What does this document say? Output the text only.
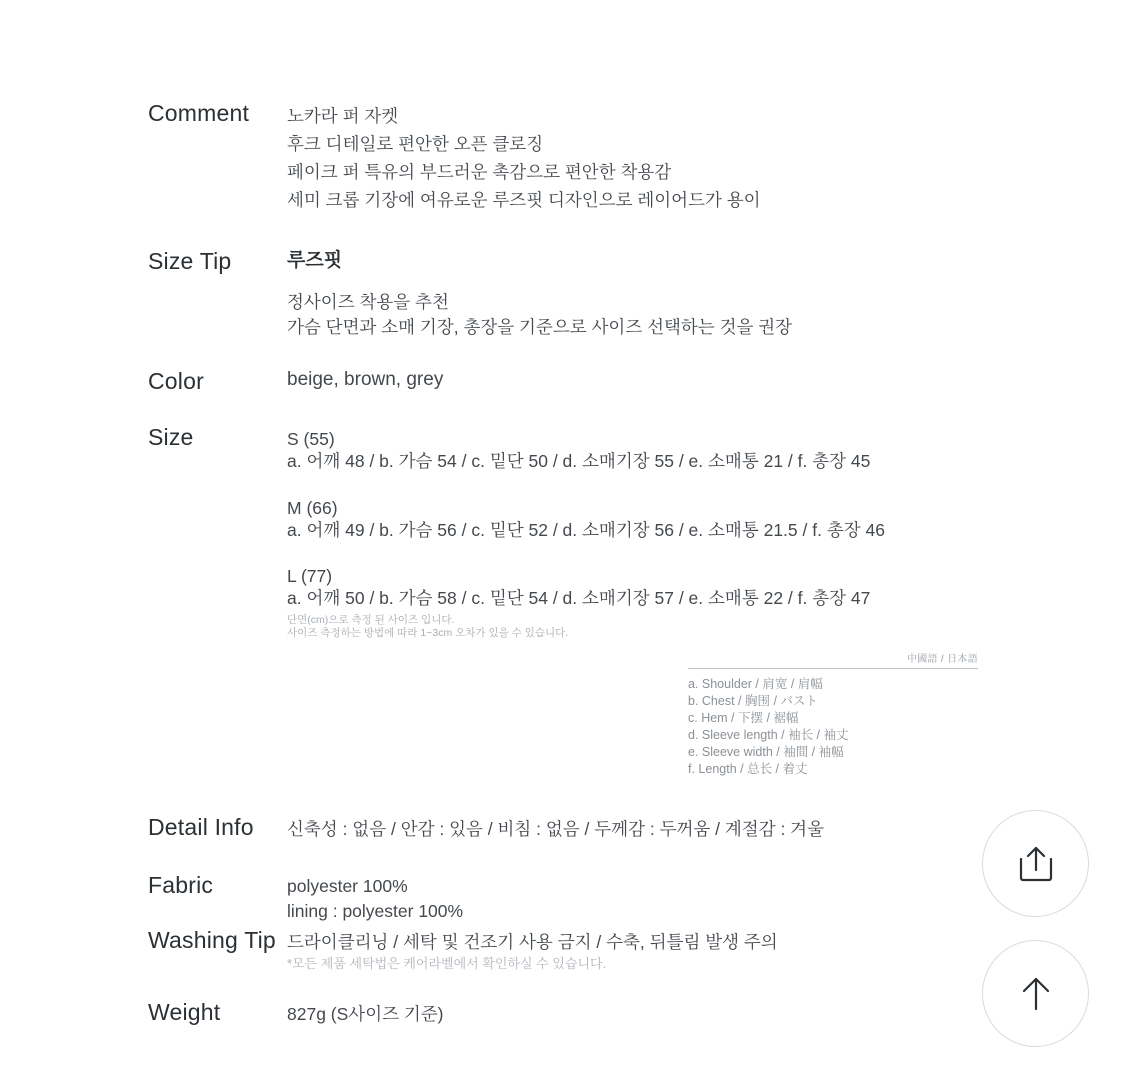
Comment 노카라 퍼 자켓
후크 디테일로 편안한 오픈 클로징
페이크 퍼 특유의 부드러운 촉감으로 편안한 착용감
세미 크롭 기장에 여유로운 루즈핏 디자인으로 레이어드가 용이
Size Tip	루즈핏
정사이즈 착용을 추천
가슴 단면과 소매 기장, 총장을 기준으로 사이즈 선택하는 것을 권장
Color	beige, brown, grey
Size	S (55)
a. 어깨 48 / b. 가슴 54 / c. 밑단 50 / d. 소매기장 55 / e. 소매통 21 / f. 총장 45
M (66)
a. 어깨 49 / b. 가슴 56 / c. 밑단 52 / d. 소매기장 56 / e. 소매통 21.5 / f. 총장 46
L (77)
a. 어깨 50 / b. 가슴 58 / c. 밑단 54 / d. 소매기장 57 / e. 소매통 22 / f. 총장 47
단면(cm)으로 측정 된 사이즈 입니다.
사이즈 측정하는 방법에 따라 1~3cm 오차가 있을 수 있습니다.
中國語 / 日本語
a. Shoulder / 肩宽 / 肩幅
b. Chest / 胸围 / バスト
c. Hem / 下摆 / 裾幅
d. Sleeve length / 袖长 / 袖丈
e. Sleeve width / 袖間 / 袖幅
f. Length / 总长 / 着丈
Detail Info 신축성 : 없음 / 안감 : 있음 / 비침 : 없음 / 두께감 : 두꺼움 / 계절감 : 겨울
Fabric	polyester 100%
lining : polyester 100%
Washing Tip 드라이클리닝 / 세탁 및 건조기 사용 금지 / 수축, 뒤틀림 발생 주의
*모든 제품 세탁법은 케어라벨에서 확인하실 수 있습니다.
Weight	827g (S사이즈 기준)
